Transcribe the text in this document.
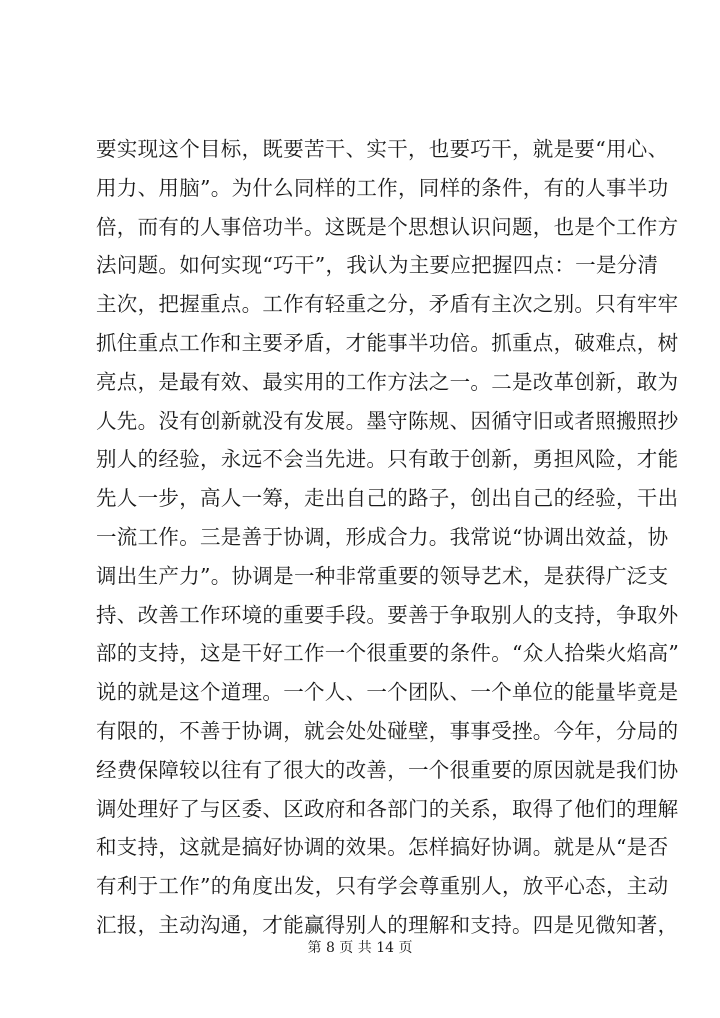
要实现这个目标，既要苦干、实干，也要巧干，就是要“用心、
用力、用脑”。为什么同样的工作，同样的条件，有的人事半功
倍，而有的人事倍功半。这既是个思想认识问题，也是个工作方
法问题。如何实现“巧干”，我认为主要应把握四点：一是分清
主次，把握重点。工作有轻重之分，矛盾有主次之别。只有牢牢
抓住重点工作和主要矛盾，才能事半功倍。抓重点，破难点，树
亮点，是最有效、最实用的工作方法之一。二是改革创新，敢为
人先。没有创新就没有发展。墨守陈规、因循守旧或者照搬照抄
别人的经验，永远不会当先进。只有敢于创新，勇担风险，才能
先人一步，高人一筹，走出自己的路子，创出自己的经验，干出
一流工作。三是善于协调，形成合力。我常说“协调出效益，协
调出生产力”。协调是一种非常重要的领导艺术，是获得广泛支
持、改善工作环境的重要手段。要善于争取别人的支持，争取外
部的支持，这是干好工作一个很重要的条件。“众人拾柴火焰高”
说的就是这个道理。一个人、一个团队、一个单位的能量毕竟是
有限的，不善于协调，就会处处碰壁，事事受挫。今年，分局的
经费保障较以往有了很大的改善，一个很重要的原因就是我们协
调处理好了与区委、区政府和各部门的关系，取得了他们的理解
和支持，这就是搞好协调的效果。怎样搞好协调。就是从“是否
有利于工作”的角度出发，只有学会尊重别人，放平心态，主动
汇报，主动沟通，才能赢得别人的理解和支持。四是见微知著，
第 8 页 共 14 页
